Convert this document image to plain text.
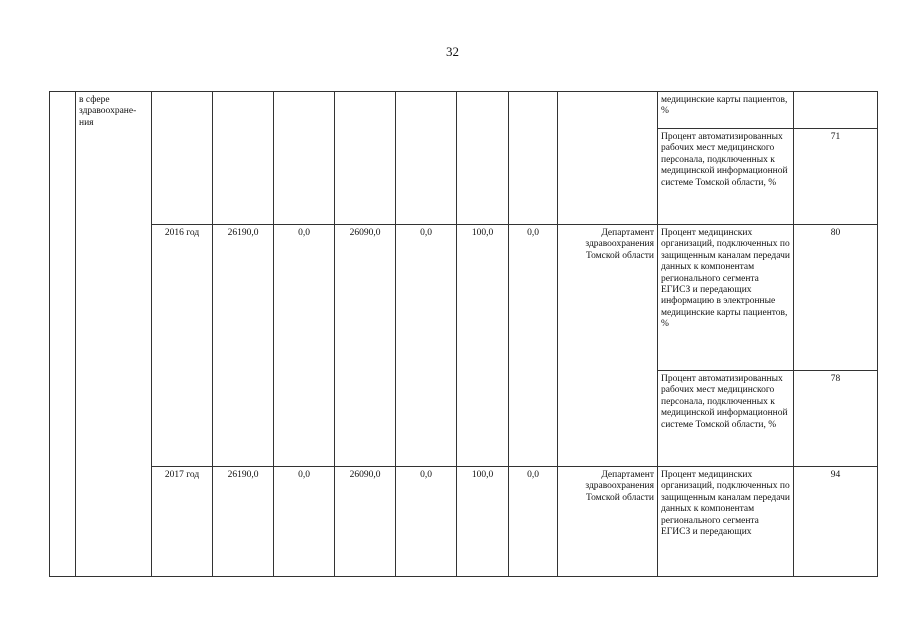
32
	в сфере здравоохране-ния									медицинские карты пациентов, %	
										Процент автоматизированных рабочих мест медицинского персонала, подключенных к медицинской информационной системе Томской области, %	71
		2016 год	26190,0	0,0	26090,0	0,0	100,0	0,0	Департамент здравоохранения Томской области	Процент медицинских организаций, подключенных по защищенным каналам передачи данных к компонентам регионального сегмента ЕГИСЗ и передающих информацию в электронные медицинские карты пациентов, %	80
										Процент автоматизированных рабочих мест медицинского персонала, подключенных к медицинской информационной системе Томской области, %	78
		2017 год	26190,0	0,0	26090,0	0,0	100,0	0,0	Департамент здравоохранения Томской области	Процент медицинских организаций, подключенных по защищенным каналам передачи данных к компонентам регионального сегмента ЕГИСЗ и передающих	94
